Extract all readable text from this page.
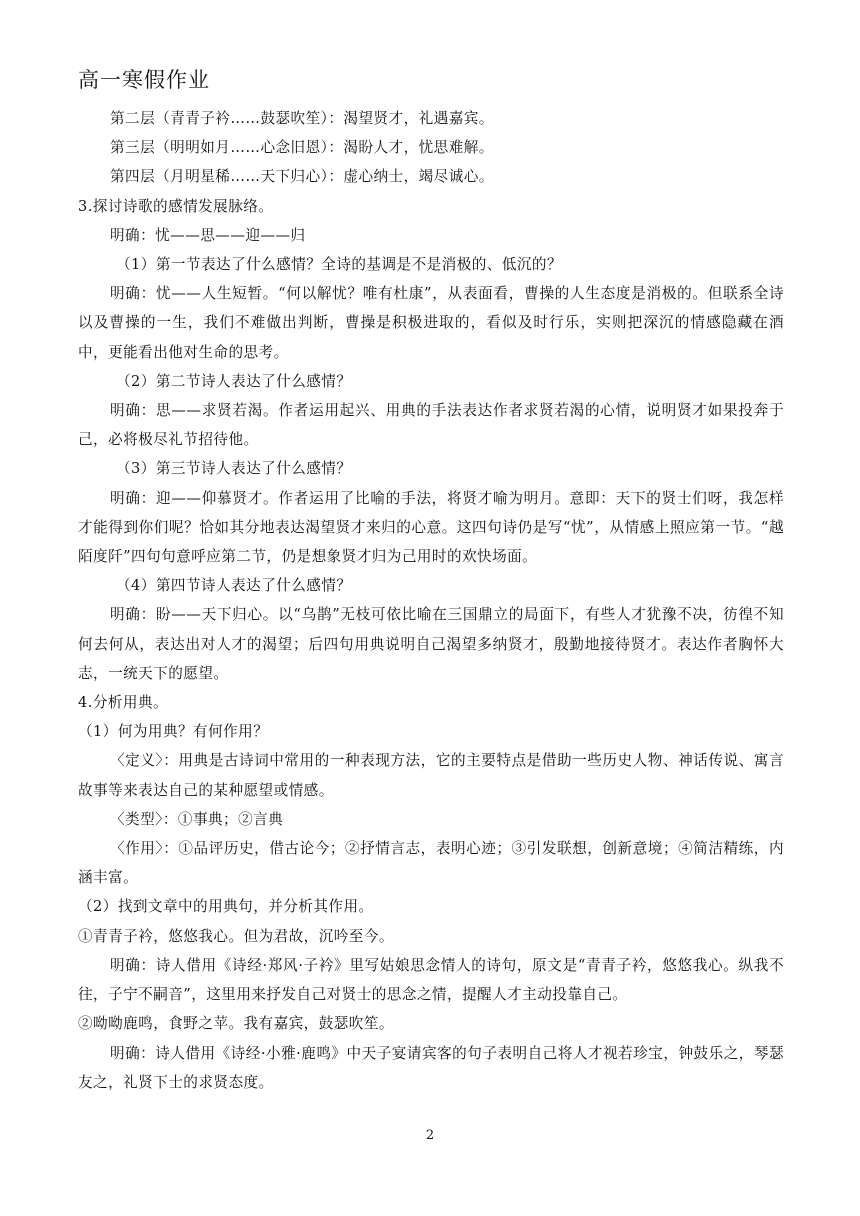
高一寒假作业

第二层（青青子衿……鼓瑟吹笙）：渴望贤才，礼遇嘉宾。

第三层（明明如月……心念旧恩）：渴盼人才，忧思难解。

第四层（月明星稀……天下归心）：虚心纳士，竭尽诚心。

3.探讨诗歌的感情发展脉络。

明确：忧——思——迎——归

（1）第一节表达了什么感情？全诗的基调是不是消极的、低沉的？

明确：忧——人生短暂。“何以解忧？唯有杜康”，从表面看，曹操的人生态度是消极的。但联系全诗以及曹操的一生，我们不难做出判断，曹操是积极进取的，看似及时行乐，实则把深沉的情感隐藏在酒中，更能看出他对生命的思考。

（2）第二节诗人表达了什么感情？

明确：思——求贤若渴。作者运用起兴、用典的手法表达作者求贤若渴的心情，说明贤才如果投奔于己，必将极尽礼节招待他。

（3）第三节诗人表达了什么感情？

明确：迎——仰慕贤才。作者运用了比喻的手法，将贤才喻为明月。意即：天下的贤士们呀，我怎样才能得到你们呢？恰如其分地表达渴望贤才来归的心意。这四句诗仍是写“忧”，从情感上照应第一节。“越陌度阡”四句句意呼应第二节，仍是想象贤才归为己用时的欢快场面。

（4）第四节诗人表达了什么感情？

明确：盼——天下归心。以“乌鹊”无枝可依比喻在三国鼎立的局面下，有些人才犹豫不决，彷徨不知何去何从，表达出对人才的渴望；后四句用典说明自己渴望多纳贤才，殷勤地接待贤才。表达作者胸怀大志，一统天下的愿望。

4.分析用典。

（1）何为用典？有何作用？

〈定义〉：用典是古诗词中常用的一种表现方法，它的主要特点是借助一些历史人物、神话传说、寓言故事等来表达自己的某种愿望或情感。

〈类型〉：①事典；②言典

〈作用〉：①品评历史，借古论今；②抒情言志，表明心迹；③引发联想，创新意境；④简洁精练，内涵丰富。

（2）找到文章中的用典句，并分析其作用。

①青青子衿，悠悠我心。但为君故，沉吟至今。

明确：诗人借用《诗经·郑风·子衿》里写姑娘思念情人的诗句，原文是“青青子衿，悠悠我心。纵我不往，子宁不嗣音”，这里用来抒发自己对贤士的思念之情，提醒人才主动投靠自己。

②呦呦鹿鸣，食野之苹。我有嘉宾，鼓瑟吹笙。

明确：诗人借用《诗经·小雅·鹿鸣》中天子宴请宾客的句子表明自己将人才视若珍宝，钟鼓乐之，琴瑟友之，礼贤下士的求贤态度。

2
